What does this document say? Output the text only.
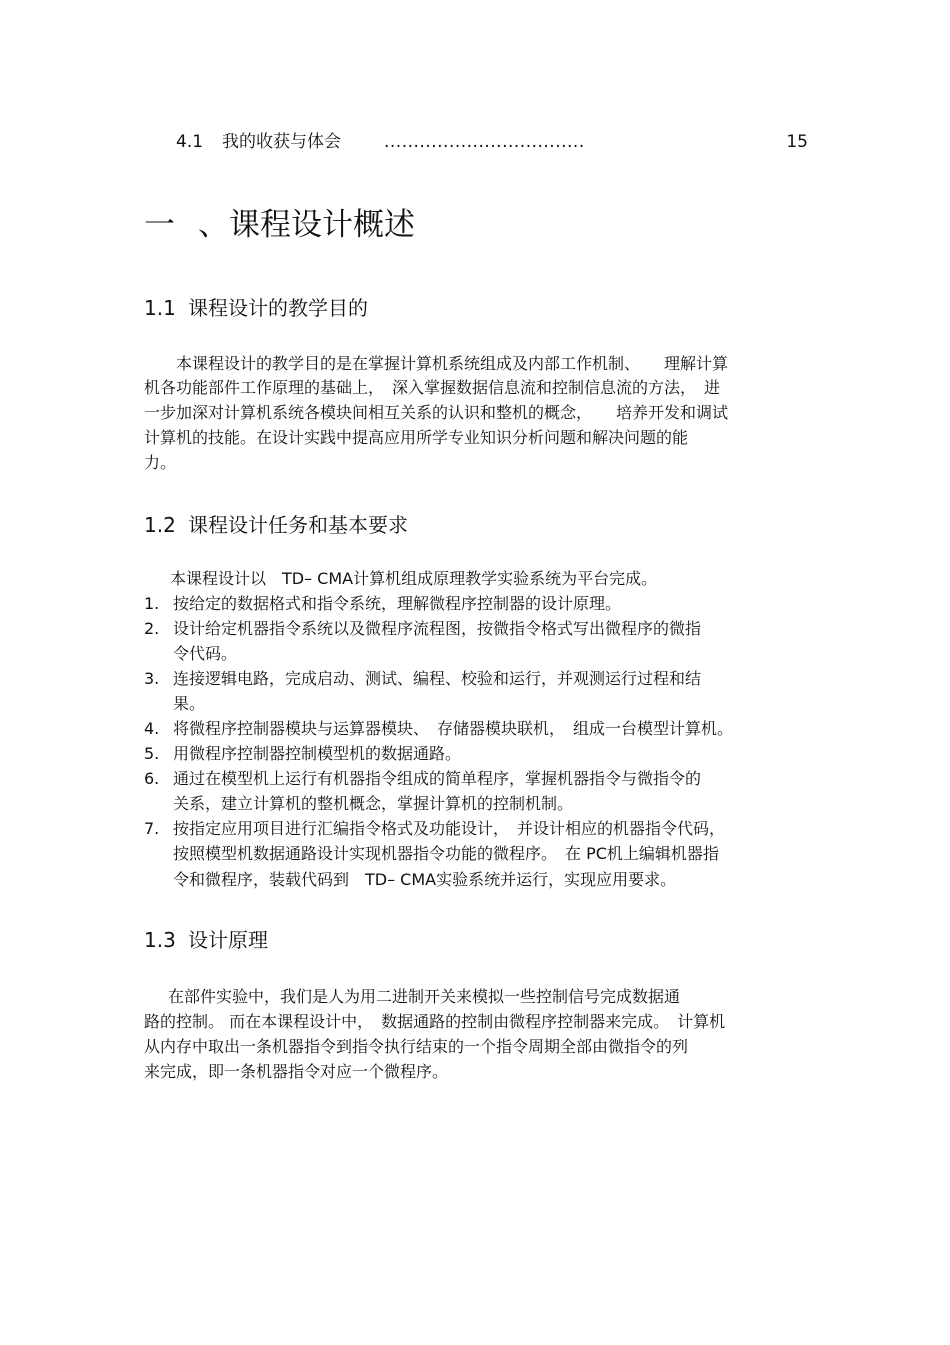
4.1 我的收获与体会	..................................	15
一 、课程设计概述
1.1 课程设计的教学目的
本课程设计的教学目的是在掌握计算机系统组成及内部工作机制、　　理解计算
机各功能部件工作原理的基础上，　深入掌握数据信息流和控制信息流的方法，　进
一步加深对计算机系统各模块间相互关系的认识和整机的概念，　　培养开发和调试
计算机的技能。在设计实践中提高应用所学专业知识分析问题和解决问题的能
力。
1.2 课程设计任务和基本要求
本课程设计以　TD– CMA计算机组成原理教学实验系统为平台完成。
1. 按给定的数据格式和指令系统，理解微程序控制器的设计原理。
2. 设计给定机器指令系统以及微程序流程图，按微指令格式写出微程序的微指
令代码。
3. 连接逻辑电路，完成启动、测试、编程、校验和运行，并观测运行过程和结
果。
4. 将微程序控制器模块与运算器模块、　存储器模块联机，　组成一台模型计算机。
5. 用微程序控制器控制模型机的数据通路。
6. 通过在模型机上运行有机器指令组成的简单程序，掌握机器指令与微指令的
关系，建立计算机的整机概念，掌握计算机的控制机制。
7. 按指定应用项目进行汇编指令格式及功能设计，　并设计相应的机器指令代码，
按照模型机数据通路设计实现机器指令功能的微程序。　在 PC机上编辑机器指
令和微程序，装载代码到　TD– CMA实验系统并运行，实现应用要求。
1.3 设计原理
在部件实验中，我们是人为用二进制开关来模拟一些控制信号完成数据通
路的控制。 而在本课程设计中，　数据通路的控制由微程序控制器来完成。　计算机
从内存中取出一条机器指令到指令执行结束的一个指令周期全部由微指令的列
来完成，即一条机器指令对应一个微程序。
